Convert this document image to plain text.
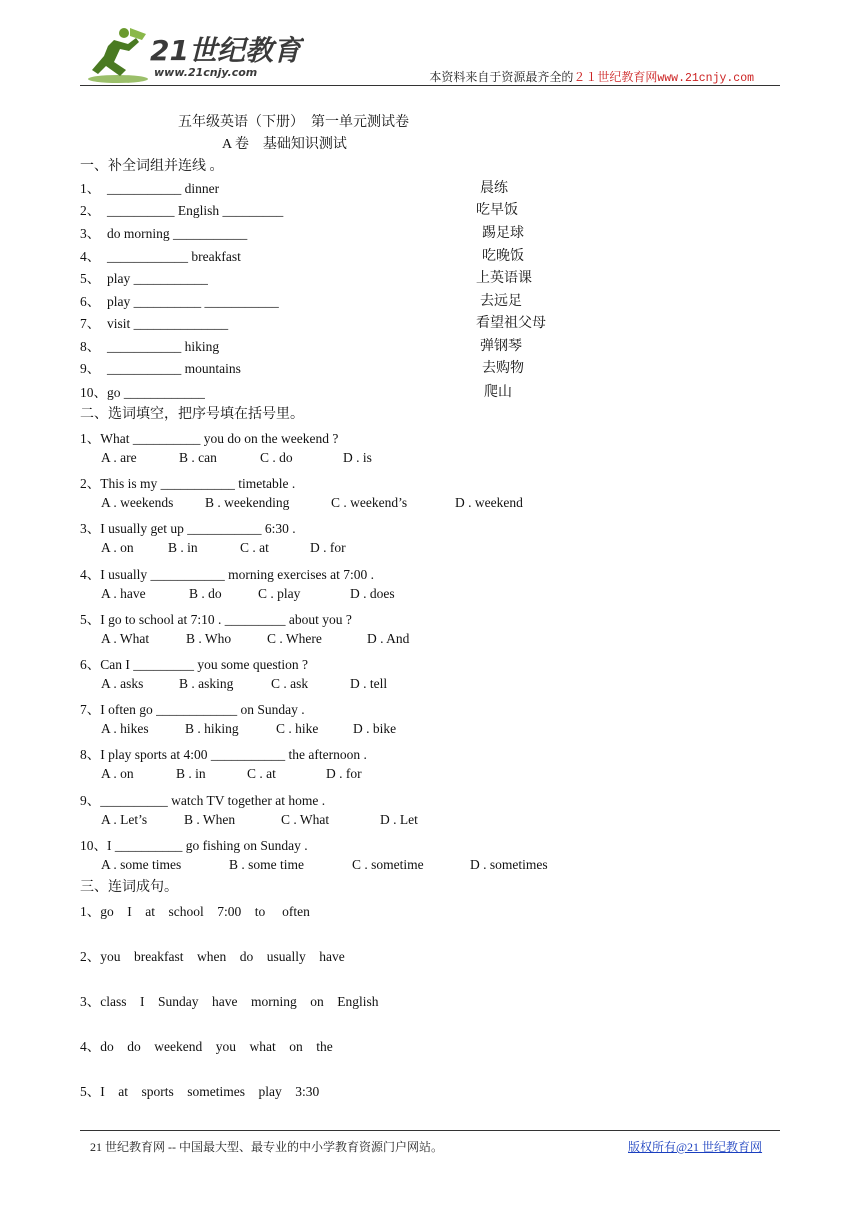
21世纪教育
www.21cnjy.com	本资料来自于资源最齐全的２１世纪教育网www.21cnjy.com
五年级英语（下册）　第一单元测试卷
A 卷　基础知识测试
一、补全词组并连线 。
1、  ___________ dinner	晨练
2、  __________ English _________	吃早饭
3、  do morning ___________	踢足球
4、  ____________ breakfast	吃晚饭
5、  play ___________	上英语课
6、  play __________ ___________	去远足
7、  visit ______________	看望祖父母
8、  ___________ hiking	弹钢琴
9、  ___________ mountains	去购物
10、go ____________	爬山
二、选词填空，把序号填在括号里。
1、What __________ you do on the weekend ?
A . are	B . can	C . do	D . is
2、This is my ___________ timetable .
A . weekends B . weekending	C . weekend’s	D . weekend
3、I usually get up ___________ 6:30 .
A . on	B . in	C . at	D . for
4、I usually ___________ morning exercises at 7:00 .
A . have	B . do	C . play	D . does
5、I go to school at 7:10 . _________ about you ?
A . What	B . Who	C . Where	D . And
6、Can I _________ you some question ?
A . asks	B . asking	C . ask	D . tell
7、I often go ____________ on Sunday .
A . hikes	B . hiking	C . hike	D . bike
8、I play sports at 4:00 ___________ the afternoon .
A . on	B . in	C . at	D . for
9、__________ watch TV together at home .
A . Let’s	B . When	C . What	D . Let
10、I __________ go fishing on Sunday .
A . some times	B . some time	C . sometime	D . sometimes
三、连词成句。
1、go    I    at    school    7:00    to     often
2、you    breakfast    when    do    usually    have
3、class    I    Sunday    have    morning    on    English
4、do    do    weekend    you    what    on    the
5、I    at    sports    sometimes    play    3:30
21 世纪教育网 -- 中国最大型、最专业的中小学教育资源门户网站。	版权所有@21 世纪教育网
